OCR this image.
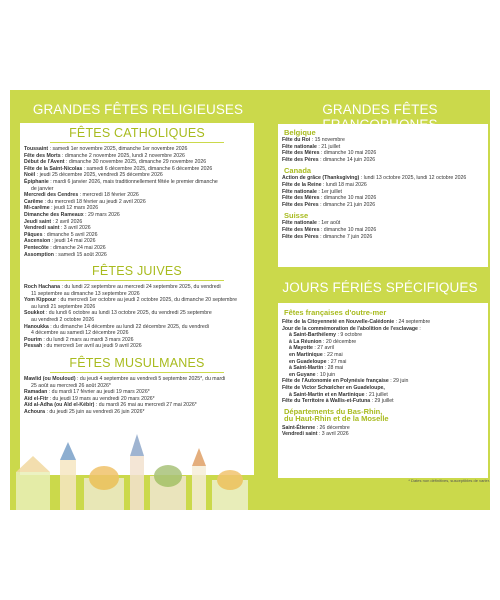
GRANDES FÊTES RELIGIEUSES	GRANDES FÊTES
JOURS FÉRIÉS SPÉCIFIQUES
FÊTES CATHOLIQUES
Toussaint : samedi 1er novembre 2025, dimanche 1er novembre 2026
Fête des Morts : dimanche 2 novembre 2025, lundi 2 novembre 2026
Début de l'Avent : dimanche 30 novembre 2025, dimanche 29 novembre 2026
Fête de la Saint-Nicolas : samedi 6 décembre 2025, dimanche 6 décembre 2026
Noël : jeudi 25 décembre 2025, vendredi 25 décembre 2026
Épiphanie : mardi 6 janvier 2026, mais traditionnellement fêtée le premier dimanche
de janvier
Mercredi des Cendres : mercredi 18 février 2026
Carême : du mercredi 18 février au jeudi 2 avril 2026
Mi-carême : jeudi 12 mars 2026
Dimanche des Rameaux : 29 mars 2026
Jeudi saint : 2 avril 2026
Vendredi saint : 3 avril 2026
Pâques : dimanche 5 avril 2026
Ascension : jeudi 14 mai 2026
Pentecôte : dimanche 24 mai 2026
Assomption : samedi 15 août 2026
FÊTES JUIVES
Roch Hachana : du lundi 22 septembre au mercredi 24 septembre 2025, du vendredi
11 septembre au dimanche 13 septembre 2026
Yom Kippour : du mercredi 1er octobre au jeudi 2 octobre 2025, du dimanche 20 septembre
au lundi 21 septembre 2026
Soukkot : du lundi 6 octobre au lundi 13 octobre 2025, du vendredi 25 septembre
au vendredi 2 octobre 2026
Hanoukka : du dimanche 14 décembre au lundi 22 décembre 2025, du vendredi
4 décembre au samedi 12 décembre 2026
Pourim : du lundi 2 mars au mardi 3 mars 2026
Pessah : du mercredi 1er avril au jeudi 9 avril 2026
FÊTES MUSULMANES
Mawlid (ou Mouloud) : du jeudi 4 septembre au vendredi 5 septembre 2025*, du mardi
25 août au mercredi 26 août 2026*
Ramadan : du mardi 17 février au jeudi 19 mars 2026*
Aïd el-Fitr : du jeudi 19 mars au vendredi 20 mars 2026*
Aïd al-Adha (ou Aïd el-Kébir) : du mardi 26 mai au mercredi 27 mai 2026*
Achoura : du jeudi 25 juin au vendredi 26 juin 2026*
Belgique
Fête du Roi : 15 novembre
Fête nationale : 21 juillet
Fête des Mères : dimanche 10 mai 2026
Fête des Pères : dimanche 14 juin 2026
Canada
Action de grâce (Thanksgiving) : lundi 13 octobre 2025, lundi 12 octobre 2026
Fête de la Reine : lundi 18 mai 2026
Fête nationale : 1er juillet
Fête des Mères : dimanche 10 mai 2026
Fête des Pères : dimanche 21 juin 2026
Suisse
Fête nationale : 1er août
Fête des Mères : dimanche 10 mai 2026
Fête des Pères : dimanche 7 juin 2026
Fêtes françaises d'outre-mer
Fête de la Citoyenneté en Nouvelle-Calédonie : 24 septembre
Jour de la commémoration de l'abolition de l'esclavage :
à Saint-Barthélemy : 9 octobre
à La Réunion : 20 décembre
à Mayotte : 27 avril
en Martinique : 22 mai
en Guadeloupe : 27 mai
à Saint-Martin : 28 mai
en Guyane : 10 juin
Fête de l'Autonomie en Polynésie française : 29 juin
Fête de Victor Schœlcher en Guadeloupe,
à Saint-Martin et en Martinique : 21 juillet
Fête du Territoire à Wallis-et-Futuna : 29 juillet
Départements du Bas-Rhin,
du Haut-Rhin et de la Moselle
Saint-Étienne : 26 décembre
Vendredi saint : 3 avril 2026
* Dates non définitives, susceptibles de varier.
